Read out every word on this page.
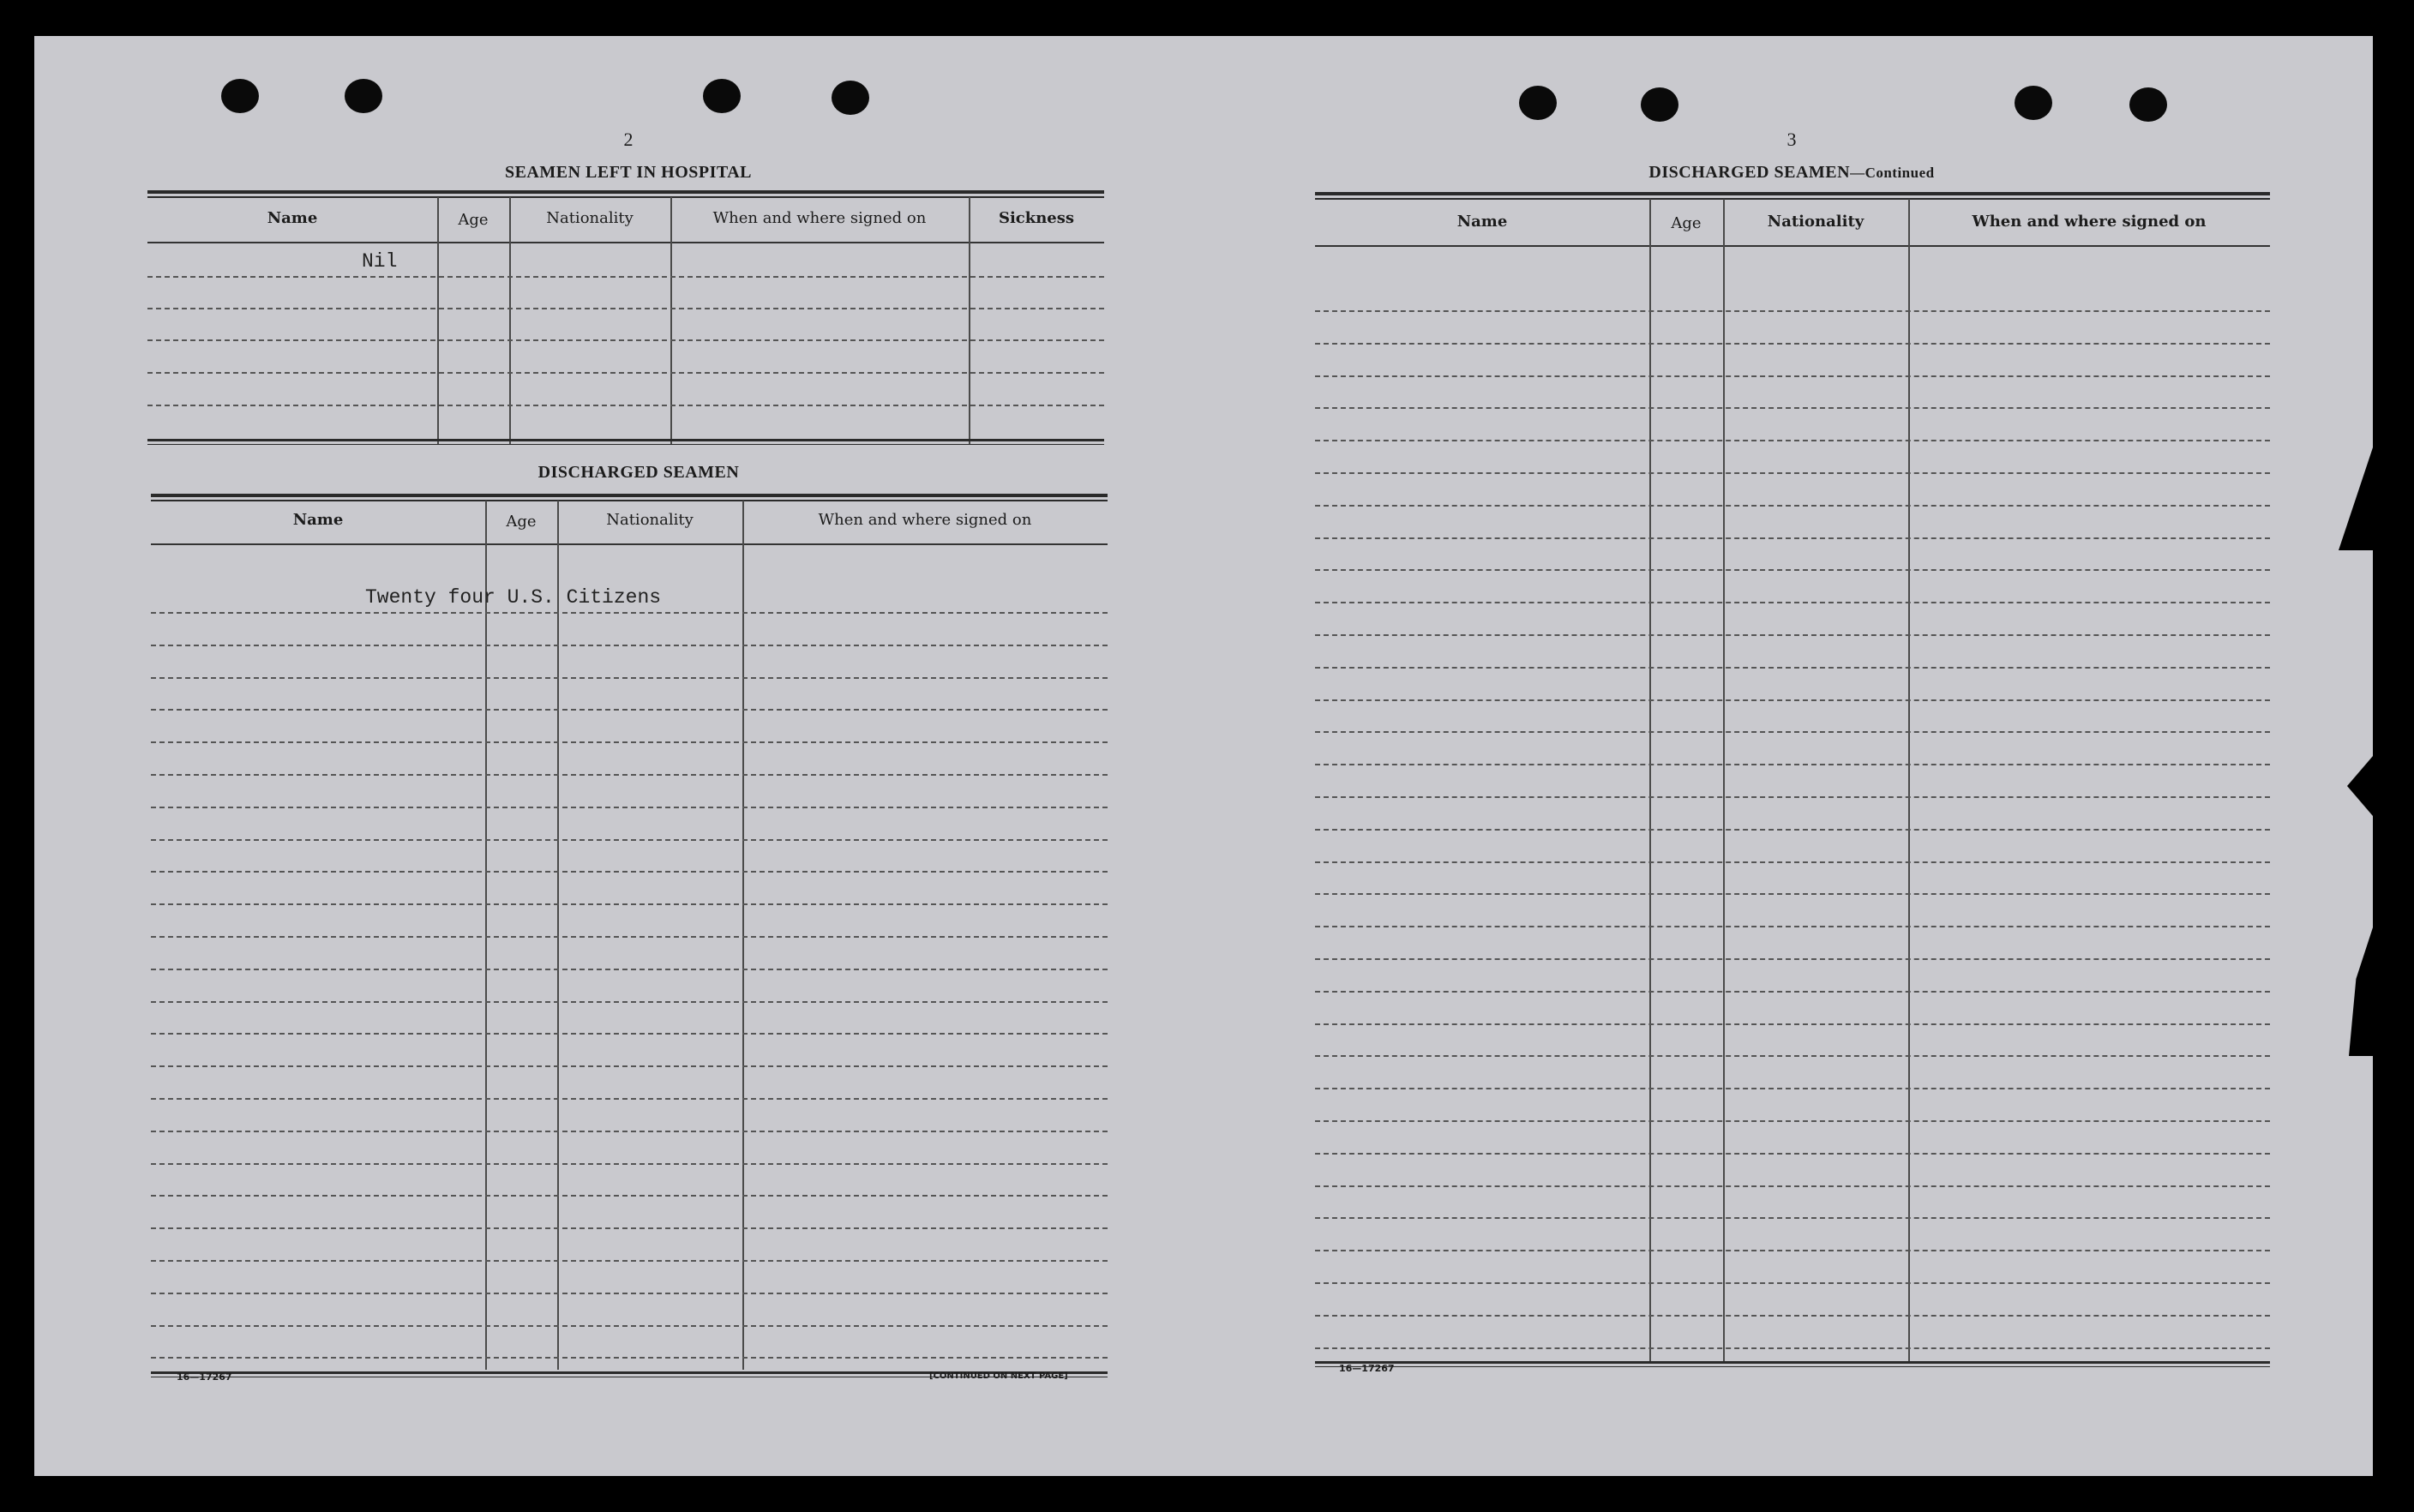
2
SEAMEN LEFT IN HOSPITAL
Name	Age	Nationality	When and where signed on	Sickness
Nil
DISCHARGED SEAMEN
Name	Age	Nationality	When and where signed on
Twenty four U.S. Citizens
16—17267	[CONTINUED ON NEXT PAGE]
3
DISCHARGED SEAMEN—Continued
Name	Age	Nationality	When and where signed on
16—17267
